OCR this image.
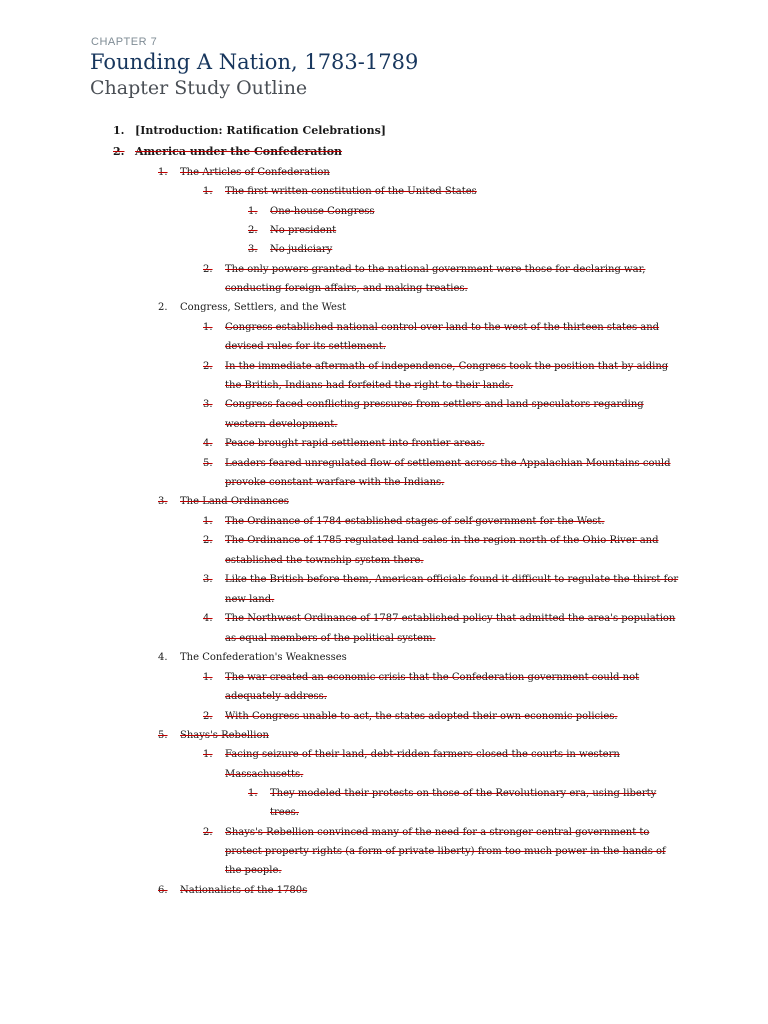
CHAPTER 7
Founding A Nation, 1783-1789
Chapter Study Outline
1. [Introduction: Ratification Celebrations]
2. America under the Confederation
1. The Articles of Confederation
1. The first written constitution of the United States
1. One-house Congress
2. No president
3. No judiciary
2. The only powers granted to the national government were those for declaring war,
conducting foreign affairs, and making treaties.
2. Congress, Settlers, and the West
1. Congress established national control over land to the west of the thirteen states and
devised rules for its settlement.
2. In the immediate aftermath of independence, Congress took the position that by aiding
the British, Indians had forfeited the right to their lands.
3. Congress faced conflicting pressures from settlers and land speculators regarding
western development.
4. Peace brought rapid settlement into frontier areas.
5. Leaders feared unregulated flow of settlement across the Appalachian Mountains could
provoke constant warfare with the Indians.
3. The Land Ordinances
1. The Ordinance of 1784 established stages of self-government for the West.
2. The Ordinance of 1785 regulated land sales in the region north of the Ohio River and
established the township system there.
3. Like the British before them, American officials found it difficult to regulate the thirst for
new land.
4. The Northwest Ordinance of 1787 established policy that admitted the area's population
as equal members of the political system.
4. The Confederation's Weaknesses
1. The war created an economic crisis that the Confederation government could not
adequately address.
2. With Congress unable to act, the states adopted their own economic policies.
5. Shays's Rebellion
1. Facing seizure of their land, debt-ridden farmers closed the courts in western
Massachusetts.
1. They modeled their protests on those of the Revolutionary era, using liberty
trees.
2. Shays's Rebellion convinced many of the need for a stronger central government to
protect property rights (a form of private liberty) from too much power in the hands of
the people.
6. Nationalists of the 1780s
